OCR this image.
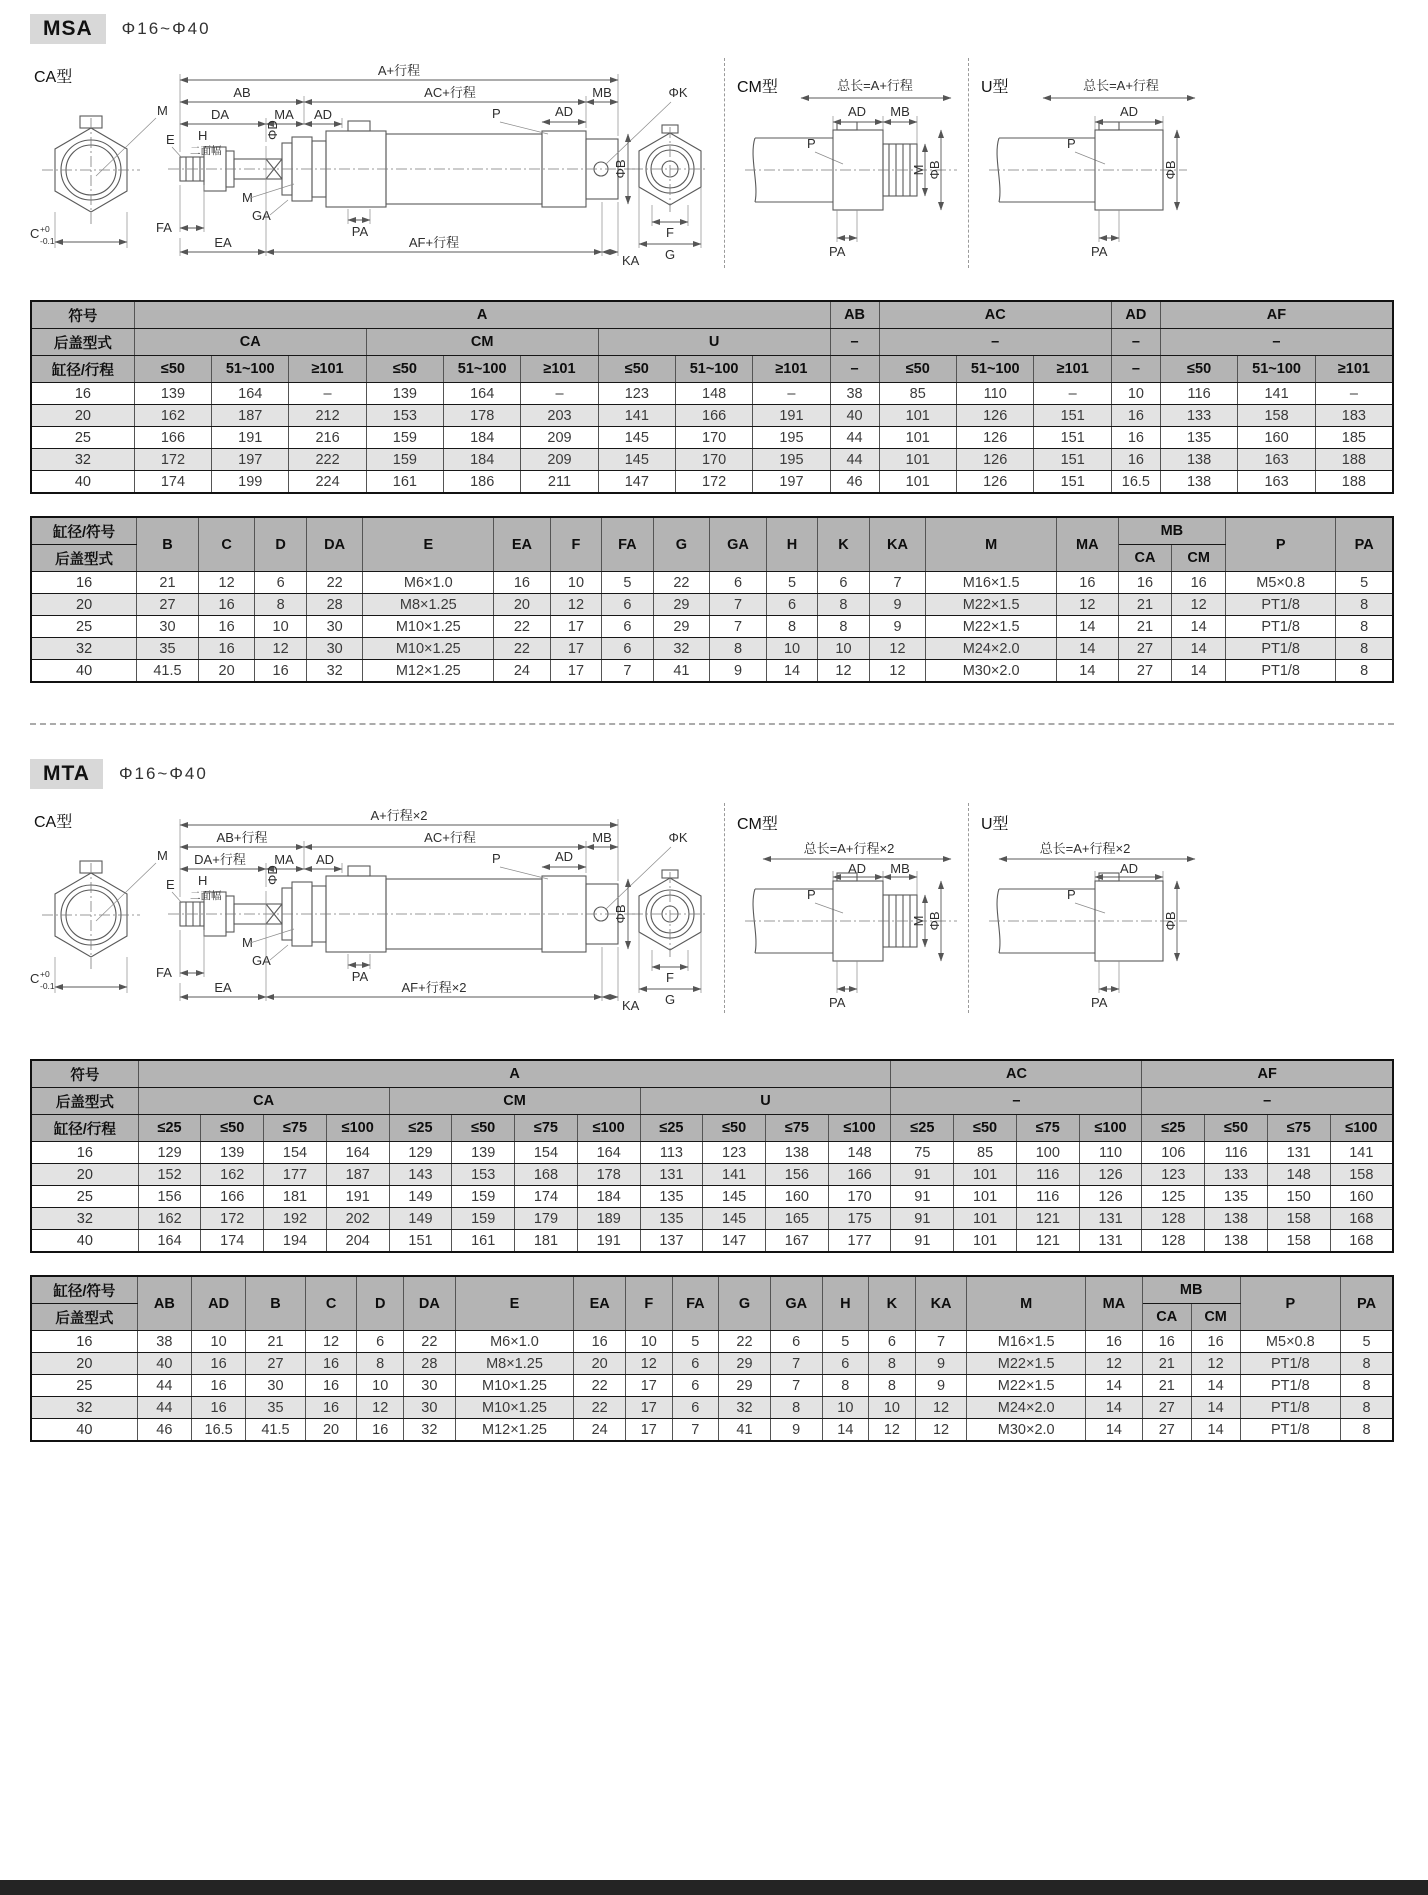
MSA	Φ16~Φ40
CA型
M
C +0
-0.1
A+行程
AB	AC+行程	MB	ΦK
DA	MA AD	P	AD
E H
二面幅
ΦD
M
GA
FA	PA
EA	AF+行程
KA
ΦB
F
G
CM型	总长=A+行程
AD MB
P
M ΦB
PA
U型	总长=A+行程
AD
P
ΦB
PA
符号	A									AB	AC			AD	AF		
后盖型式	CA			CM			U			–	–			–	–		
缸径/行程	≤50	51~100	≥101	≤50	51~100	≥101	≤50	51~100	≥101	–	≤50	51~100	≥101	–	≤50	51~100	≥101
16	139	164	–	139	164	–	123	148	–	38	85	110	–	10	116	141	–
20	162	187	212	153	178	203	141	166	191	40	101	126	151	16	133	158	183
25	166	191	216	159	184	209	145	170	195	44	101	126	151	16	135	160	185
32	172	197	222	159	184	209	145	170	195	44	101	126	151	16	138	163	188
40	174	199	224	161	186	211	147	172	197	46	101	126	151	16.5	138	163	188
缸径/符号	B	C	D	DA	E	EA	F	FA	G	GA	H	K	KA	M	MA	MB		P	PA
后盖型式																CA	CM		
16	21	12	6	22	M6×1.0	16	10	5	22	6	5	6	7	M16×1.5	16	16	16	M5×0.8	5
20	27	16	8	28	M8×1.25	20	12	6	29	7	6	8	9	M22×1.5	12	21	12	PT1/8	8
25	30	16	10	30	M10×1.25	22	17	6	29	7	8	8	9	M22×1.5	14	21	14	PT1/8	8
32	35	16	12	30	M10×1.25	22	17	6	32	8	10	10	12	M24×2.0	14	27	14	PT1/8	8
40	41.5	20	16	32	M12×1.25	24	17	7	41	9	14	12	12	M30×2.0	14	27	14	PT1/8	8
MTA	Φ16~Φ40
CA型
M
C +0
-0.1
A+行程×2
AB+行程	AC+行程	MB	ΦK
DA+行程 MA AD	P	AD
E H
二面幅
ΦD
M
GA
FA	PA
EA	AF+行程×2
KA
ΦB
F
G
CM型
总长=A+行程×2
AD MB
P
M ΦB
PA
U型
总长=A+行程×2
AD
P
ΦB
PA
符号	A												AC				AF			
后盖型式	CA				CM				U				–				–			
缸径/行程	≤25	≤50	≤75	≤100	≤25	≤50	≤75	≤100	≤25	≤50	≤75	≤100	≤25	≤50	≤75	≤100	≤25	≤50	≤75	≤100
16	129	139	154	164	129	139	154	164	113	123	138	148	75	85	100	110	106	116	131	141
20	152	162	177	187	143	153	168	178	131	141	156	166	91	101	116	126	123	133	148	158
25	156	166	181	191	149	159	174	184	135	145	160	170	91	101	116	126	125	135	150	160
32	162	172	192	202	149	159	179	189	135	145	165	175	91	101	121	131	128	138	158	168
40	164	174	194	204	151	161	181	191	137	147	167	177	91	101	121	131	128	138	158	168
缸径/符号	AB	AD	B	C	D	DA	E	EA	F	FA	G	GA	H	K	KA	M	MA	MB		P	PA
后盖型式																		CA	CM		
16	38	10	21	12	6	22	M6×1.0	16	10	5	22	6	5	6	7	M16×1.5	16	16	16	M5×0.8	5
20	40	16	27	16	8	28	M8×1.25	20	12	6	29	7	6	8	9	M22×1.5	12	21	12	PT1/8	8
25	44	16	30	16	10	30	M10×1.25	22	17	6	29	7	8	8	9	M22×1.5	14	21	14	PT1/8	8
32	44	16	35	16	12	30	M10×1.25	22	17	6	32	8	10	10	12	M24×2.0	14	27	14	PT1/8	8
40	46	16.5	41.5	20	16	32	M12×1.25	24	17	7	41	9	14	12	12	M30×2.0	14	27	14	PT1/8	8
